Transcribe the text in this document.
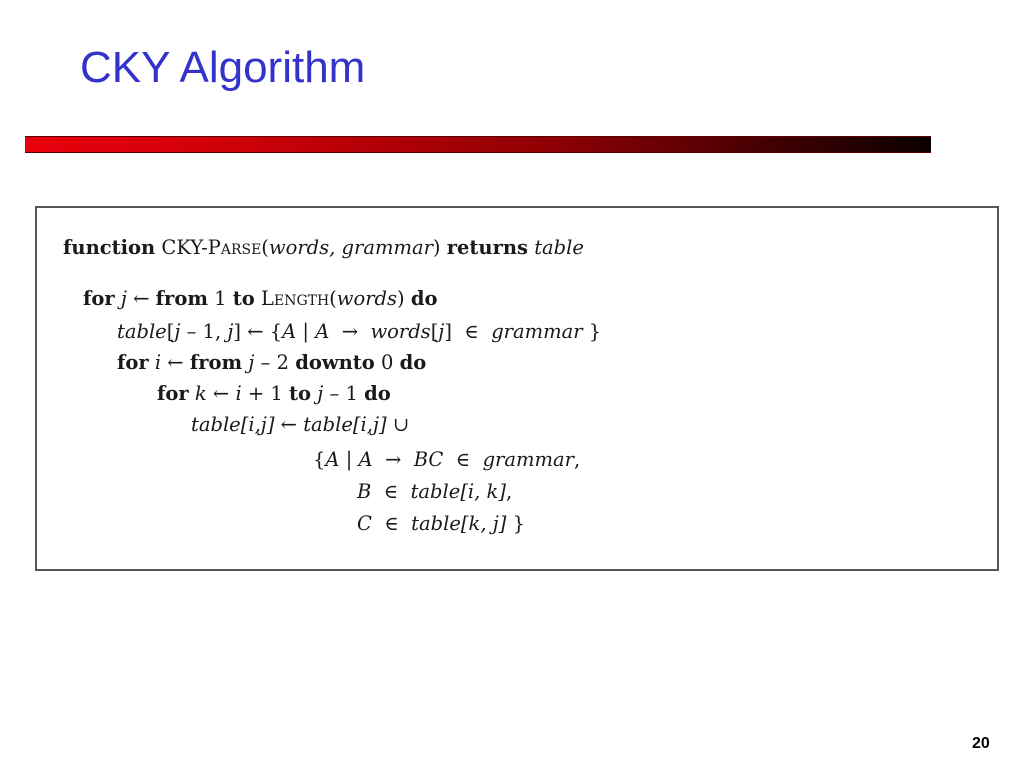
CKY Algorithm
function CKY-Parse(words, grammar) returns table
for j ← from 1 to Length(words) do
table[j – 1, j] ← {A | A  →  words[j]  ∈  grammar }
for i ← from j – 2 downto 0 do
for k ← i + 1 to j – 1 do
table[i,j] ← table[i,j] ∪
{A | A  →  BC  ∈  grammar,
B  ∈  table[i, k],
C  ∈  table[k, j] }
20
